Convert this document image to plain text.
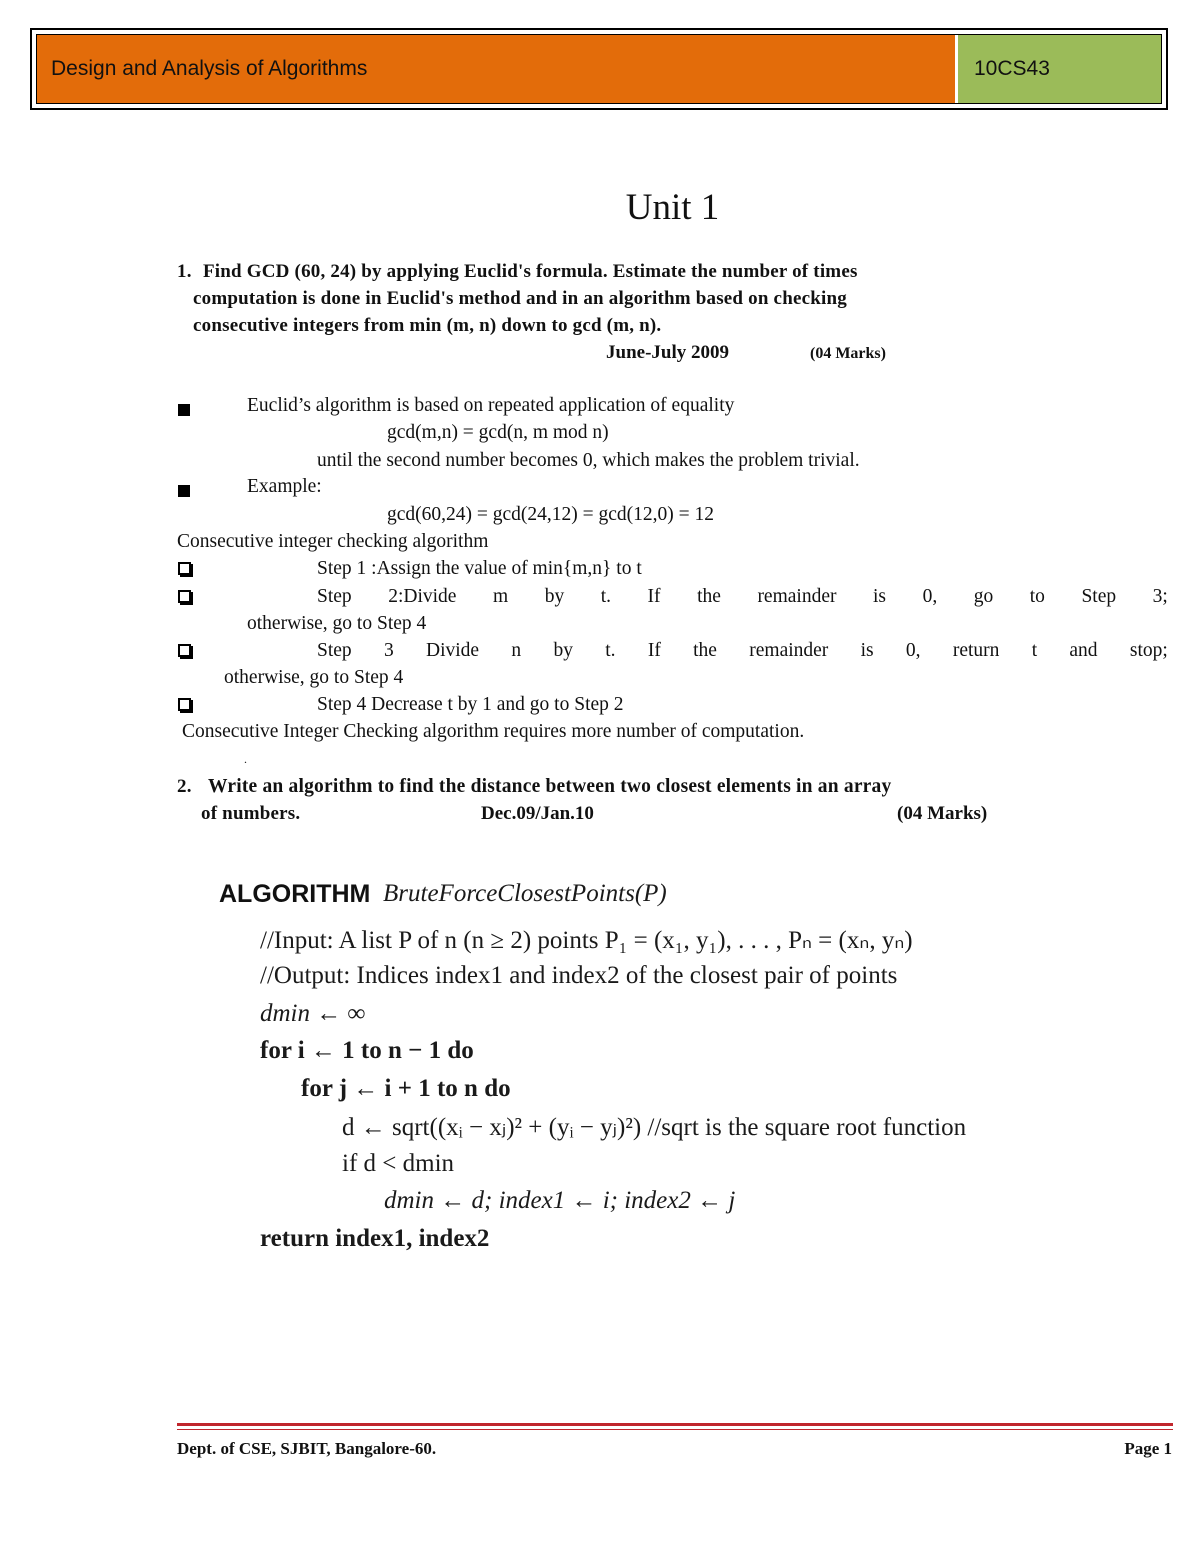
Design and Analysis of Algorithms	10CS43
Unit 1
1. Find GCD (60, 24) by applying Euclid's formula. Estimate the number of times
computation is done in Euclid's method and in an algorithm based on checking
consecutive integers from min (m, n) down to gcd (m, n).
June-July 2009	(04 Marks)
Euclid’s algorithm is based on repeated application of equality
gcd(m,n) = gcd(n, m mod n)
until the second number becomes 0, which makes the problem trivial.
Example:
gcd(60,24) = gcd(24,12) = gcd(12,0) = 12
Consecutive integer checking algorithm
Step 1 :Assign the value of min{m,n} to t
Step 2:Divide m by t. If the remainder is 0, go to Step 3;
otherwise, go to Step 4
Step 3 Divide n by t. If the remainder is 0, return t and stop;
otherwise, go to Step 4
Step 4 Decrease t by 1 and go to Step 2
Consecutive Integer Checking algorithm requires more number of computation.
.
2. Write an algorithm to find the distance between two closest elements in an array
of numbers.	Dec.09/Jan.10	(04 Marks)
ALGORITHM BruteForceClosestPoints(P)
//Input: A list P of n (n ≥ 2) points P₁ = (x₁, y₁), . . . , Pₙ = (xₙ, yₙ)
//Output: Indices index1 and index2 of the closest pair of points
dmin ← ∞
for i ← 1 to n − 1 do
for j ← i + 1 to n do
d ← sqrt((xᵢ − xⱼ)² + (yᵢ − yⱼ)²) //sqrt is the square root function
if d < dmin
dmin ← d; index1 ← i; index2 ← j
return index1, index2
Dept. of CSE, SJBIT, Bangalore-60.	Page 1
